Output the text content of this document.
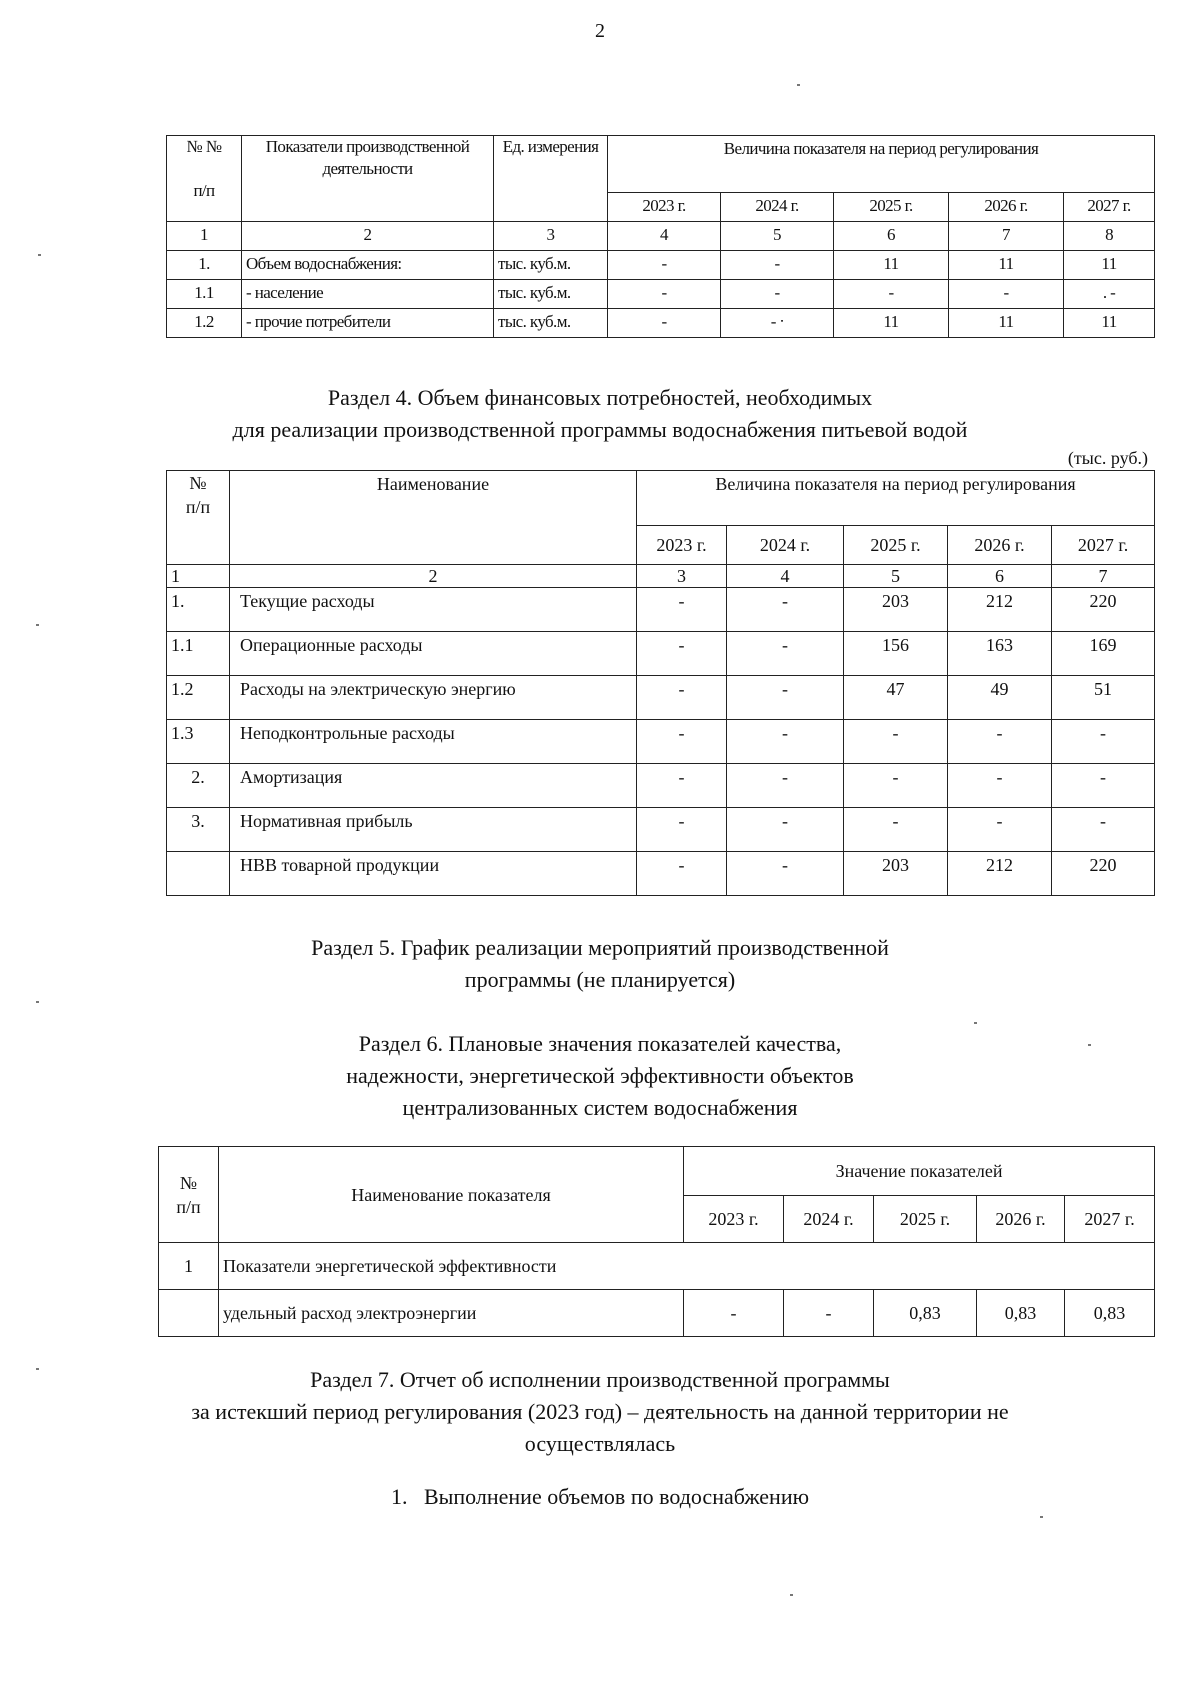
2
№ №

п/п	Показатели производственной деятельности	Ед. измерения	Величина показателя на период регулирования				
			2023 г.	2024 г.	2025 г.	2026 г.	2027 г.
1	2	3	4	5	6	7	8
1.	Объем водоснабжения:	тыс. куб.м.	-	-	11	11	11
1.1	- население	тыс. куб.м.	-	-	-	-	. -
1.2	- прочие потребители	тыс. куб.м.	-	- ᐧ	11	11	11
Раздел 4. Объем финансовых потребностей, необходимых
для реализации производственной программы водоснабжения питьевой водой
(тыс. руб.)
№
п/п	Наименование	Величина показателя на период регулирования				
		2023 г.	2024 г.	2025 г.	2026 г.	2027 г.
1	2	3	4	5	6	7
1.	Текущие расходы	-	-	203	212	220
1.1	Операционные расходы	-	-	156	163	169
1.2	Расходы на электрическую энергию	-	-	47	49	51
1.3	Неподконтрольные расходы	-	-	-	-	-
2.	Амортизация	-	-	-	-	-
3.	Нормативная прибыль	-	-	-	-	-
	НВВ товарной продукции	-	-	203	212	220
Раздел 5. График реализации мероприятий производственной
программы (не планируется)
Раздел 6. Плановые значения показателей качества,
надежности, энергетической эффективности объектов
централизованных систем водоснабжения
№
п/п	Наименование показателя	Значение показателей				
		2023 г.	2024 г.	2025 г.	2026 г.	2027 г.
1	Показатели энергетической эффективности					
	удельный расход электроэнергии	-	-	0,83	0,83	0,83
Раздел 7. Отчет об исполнении производственной программы
за истекший период регулирования (2023 год) – деятельность на данной территории не
осуществлялась
1. Выполнение объемов по водоснабжению
